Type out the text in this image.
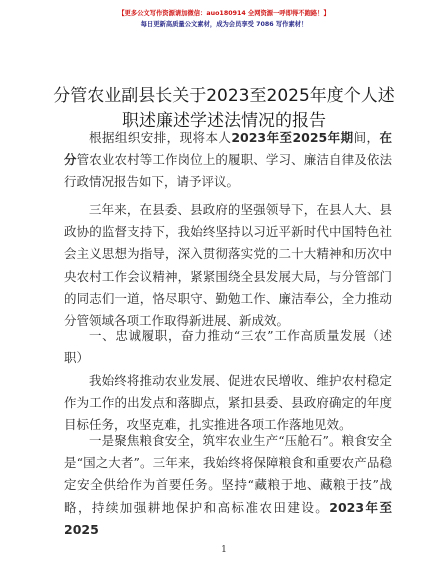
【更多公文写作资源请加微信：auo180914 全网资源一呼即得不跑路！】
每日更新高质量公文素材，成为会员享受 7086 写作素材！
分管农业副县长关于2023至2025年度个人述
职述廉述学述法情况的报告
根据组织安排，现将本人2023年至2025年期间，在分管农业农村等工作岗位上的履职、学习、廉洁自律及依法行政情况报告如下，请予评议。
三年来，在县委、县政府的坚强领导下，在县人大、县政协的监督支持下，我始终坚持以习近平新时代中国特色社会主义思想为指导，深入贯彻落实党的二十大精神和历次中央农村工作会议精神，紧紧围绕全县发展大局，与分管部门的同志们一道，恪尽职守、勤勉工作、廉洁奉公，全力推动分管领域各项工作取得新进展、新成效。
一、忠诚履职，奋力推动“三农”工作高质量发展（述职）
我始终将推动农业发展、促进农民增收、维护农村稳定作为工作的出发点和落脚点，紧扣县委、县政府确定的年度目标任务，攻坚克难，扎实推进各项工作落地见效。
一是聚焦粮食安全，筑牢农业生产“压舱石”。粮食安全是“国之大者”。三年来，我始终将保障粮食和重要农产品稳定安全供给作为首要任务。坚持“藏粮于地、藏粮于技”战略，持续加强耕地保护和高标准农田建设。2023年至2025
1
